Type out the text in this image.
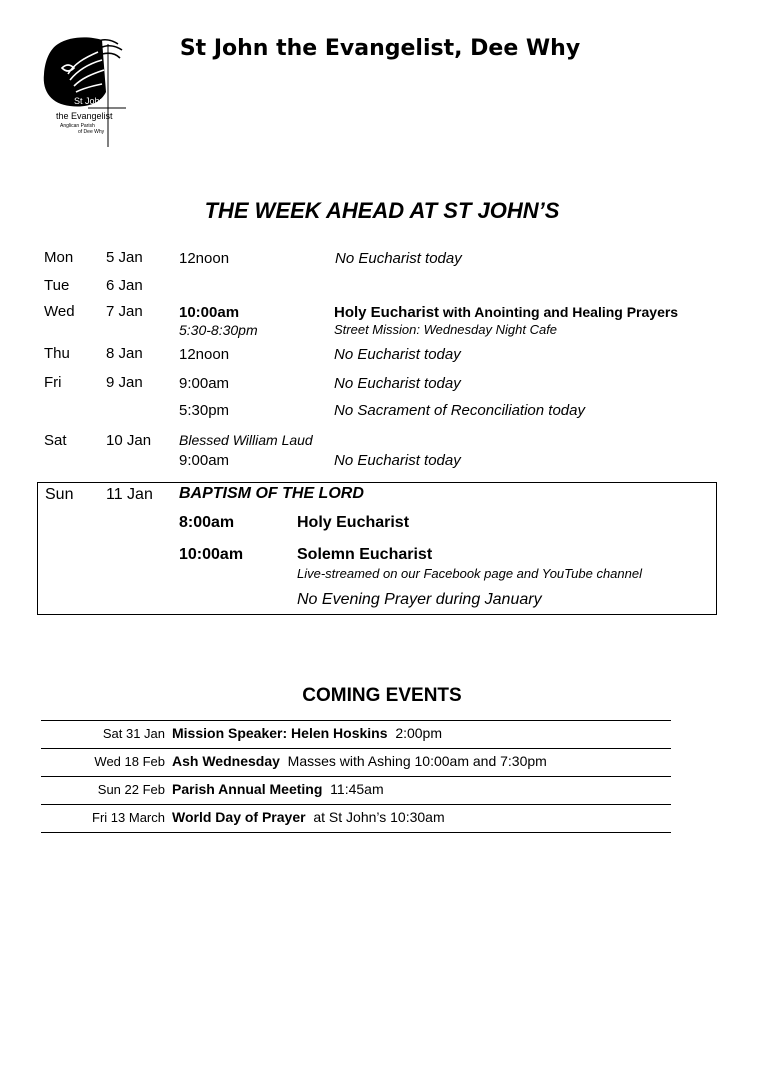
St John
the Evangelist
Anglican Parish
of Dee Why
St John the Evangelist, Dee Why
THE WEEK AHEAD AT ST JOHN’S
Mon 5 Jan 12noon	No Eucharist today
Tue 6 Jan
Wed 7 Jan 10:00am	Holy Eucharist with Anointing and Healing Prayers
5:30-8:30pm	Street Mission: Wednesday Night Cafe
Thu 8 Jan 12noon	No Eucharist today
Fri	9 Jan 9:00am	No Eucharist today
5:30pm	No Sacrament of Reconciliation today
Sat	10 Jan Blessed William Laud
9:00am	No Eucharist today
Sun 11 Jan BAPTISM OF THE LORD
8:00am	Holy Eucharist
10:00am	Solemn Eucharist
Live-streamed on our Facebook page and YouTube channel
No Evening Prayer during January
COMING EVENTS
Sat 31 Jan Mission Speaker: Helen Hoskins 2:00pm
Wed 18 Feb Ash Wednesday Masses with Ashing 10:00am and 7:30pm
Sun 22 Feb Parish Annual Meeting 11:45am
Fri 13 March World Day of Prayer at St John’s 10:30am
